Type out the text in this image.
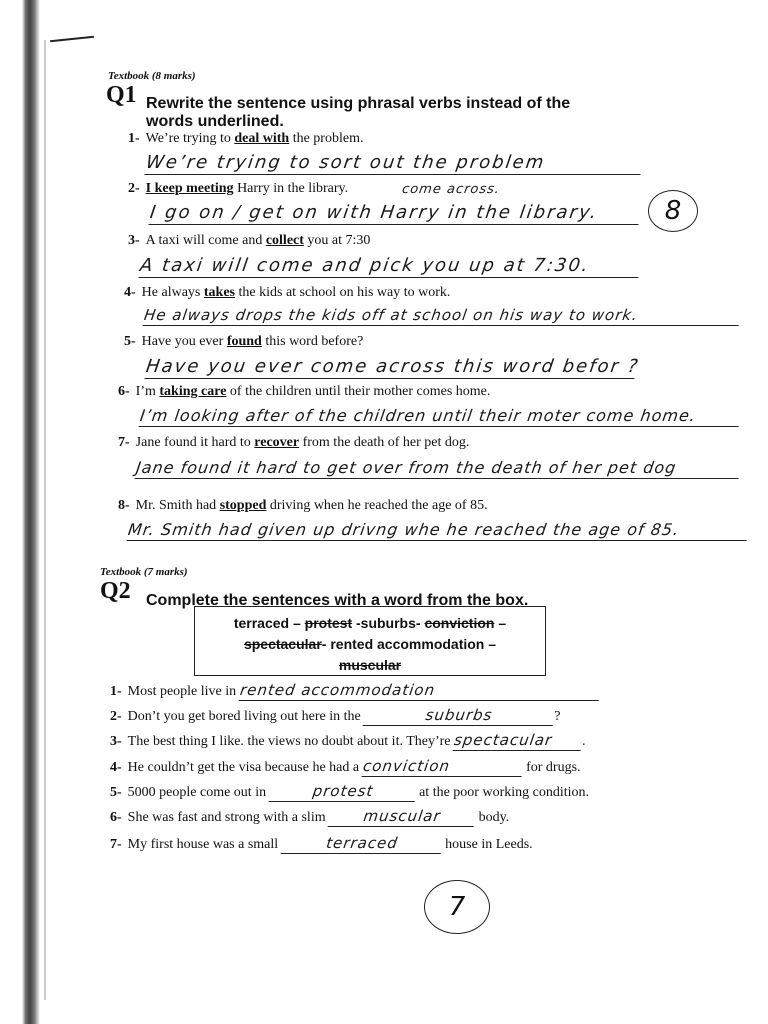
Textbook (8 marks)
Q1 Rewrite the sentence using phrasal verbs instead of the
words underlined.
1- We’re trying to deal with the problem.
We’re trying to sort out the problem
2- I keep meeting Harry in the library.	come across.
I go on / get on with Harry in the library.	8
3- A taxi will come and collect you at 7:30
A taxi will come and pick you up at 7:30.
4- He always takes the kids at school on his way to work.
He always drops the kids off at school on his way to work.
5- Have you ever found this word before?
Have you ever come across this word befor ?
6- I’m taking care of the children until their mother comes home.
I’m looking after of the children until their moter come home.
7- Jane found it hard to recover from the death of her pet dog.
Jane found it hard to get over from the death of her pet dog
8- Mr. Smith had stopped driving when he reached the age of 85.
Mr. Smith had given up drivng whe he reached the age of 85.
Textbook (7 marks)
Q2 Complete the sentences with a word from the box.
terraced – protest -suburbs- conviction –
spectacular- rented accommodation –
muscular
1- Most people live in rented accommodation
2- Don’t you get bored living out here in the	suburbs	?
3- The best thing I like. the views no doubt about it. They’re spectacular .
4- He couldn’t get the visa because he had a conviction	for drugs.
5- 5000 people come out in	protest	at the poor working condition.
6- She was fast and strong with a slim muscular	body.
7- My first house was a small	terraced	house in Leeds.
7
